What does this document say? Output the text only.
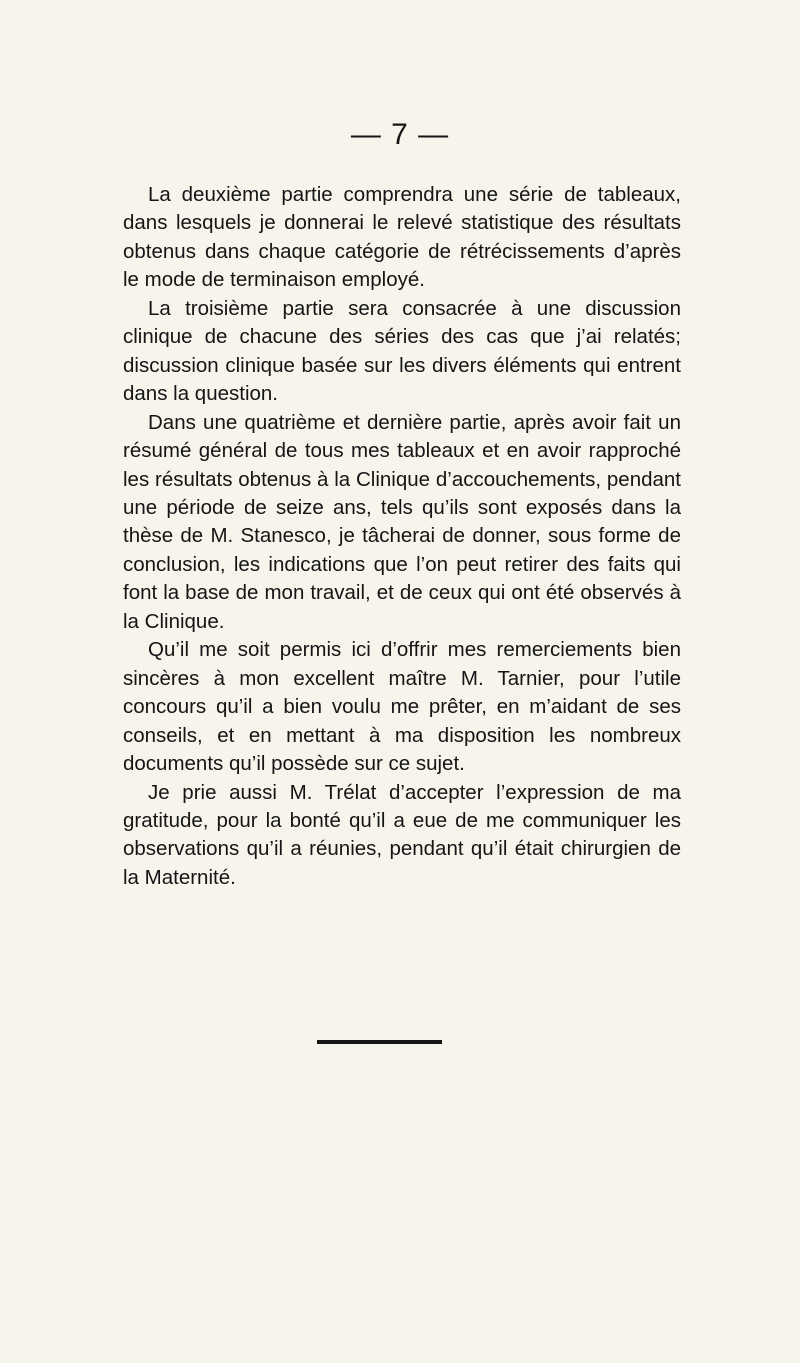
— 7 —

La deuxième partie comprendra une série de tableaux, dans lesquels je donnerai le relevé statistique des résultats obtenus dans chaque catégorie de rétrécissements d’après le mode de terminaison employé.

La troisième partie sera consacrée à une discussion clinique de chacune des séries des cas que j’ai relatés; discussion clinique basée sur les divers éléments qui entrent dans la question.

Dans une quatrième et dernière partie, après avoir fait un résumé général de tous mes tableaux et en avoir rapproché les résultats obtenus à la Clinique d’accouchements, pendant une période de seize ans, tels qu’ils sont exposés dans la thèse de M. Stanesco, je tâcherai de donner, sous forme de conclusion, les indications que l’on peut retirer des faits qui font la base de mon travail, et de ceux qui ont été observés à la Clinique.

Qu’il me soit permis ici d’offrir mes remerciements bien sincères à mon excellent maître M. Tarnier, pour l’utile concours qu’il a bien voulu me prêter, en m’aidant de ses conseils, et en mettant à ma disposition les nombreux documents qu’il possède sur ce sujet.

Je prie aussi M. Trélat d’accepter l’expression de ma gratitude, pour la bonté qu’il a eue de me communiquer les observations qu’il a réunies, pendant qu’il était chirurgien de la Maternité.
